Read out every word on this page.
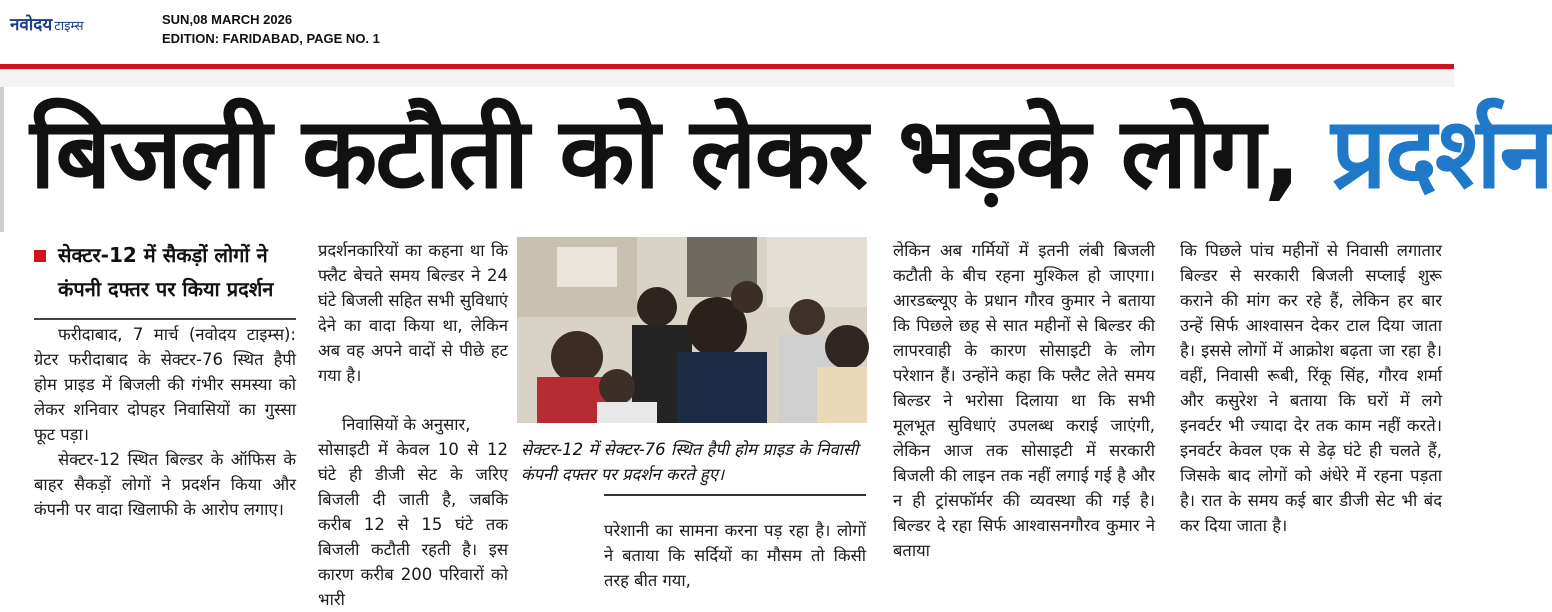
नवोदय टाइम्स	SUN,08 MARCH 2026
EDITION: FARIDABAD, PAGE NO. 1
बिजली कटौती को लेकर भड़के लोग, प्रदर्शन
सेक्टर-12 में सैकड़ों लोगों ने
कंपनी दफ्तर पर किया प्रदर्शन

फरीदाबाद, 7 मार्च (नवोदय टाइम्स): ग्रेटर फरीदाबाद के सेक्टर-76 स्थित हैपी होम प्राइड में बिजली की गंभीर समस्या को लेकर शनिवार दोपहर निवासियों का गुस्सा फूट पड़ा।

सेक्टर-12 स्थित बिल्डर के ऑफिस के बाहर सैकड़ों लोगों ने प्रदर्शन किया और कंपनी पर वादा खिलाफी के आरोप लगाए।

प्रदर्शनकारियों का कहना था कि फ्लैट बेचते समय बिल्डर ने 24 घंटे बिजली सहित सभी सुविधाएं देने का वादा किया था, लेकिन अब वह अपने वादों से पीछे हट गया है।

निवासियों के अनुसार,

सोसाइटी में केवल 10 से 12 घंटे ही डीजी सेट के जरिए बिजली दी जाती है, जबकि करीब 12 से 15 घंटे तक बिजली कटौती रहती है। इस कारण करीब 200 परिवारों को भारी

सेक्टर-12 में सेक्टर-76 स्थित हैपी होम प्राइड के निवासी कंपनी दफ्तर पर प्रदर्शन करते हुए।

परेशानी का सामना करना पड़ रहा है। लोगों ने बताया कि सर्दियों का मौसम तो किसी तरह बीत गया,

लेकिन अब गर्मियों में इतनी लंबी बिजली कटौती के बीच रहना मुश्किल हो जाएगा। आरडब्ल्यूए के प्रधान गौरव कुमार ने बताया कि पिछले छह से सात महीनों से बिल्डर की लापरवाही के कारण सोसाइटी के लोग परेशान हैं। उन्होंने कहा कि फ्लैट लेते समय बिल्डर ने भरोसा दिलाया था कि सभी मूलभूत सुविधाएं उपलब्ध कराई जाएंगी, लेकिन आज तक सोसाइटी में सरकारी बिजली की लाइन तक नहीं लगाई गई है और न ही ट्रांसफॉर्मर की व्यवस्था की गई है।बिल्डर दे रहा सिर्फ आश्वासनगौरव कुमार ने बताया

कि पिछले पांच महीनों से निवासी लगातार बिल्डर से सरकारी बिजली सप्लाई शुरू कराने की मांग कर रहे हैं, लेकिन हर बार उन्हें सिर्फ आश्वासन देकर टाल दिया जाता है। इससे लोगों में आक्रोश बढ़ता जा रहा है। वहीं, निवासी रूबी, रिंकू सिंह, गौरव शर्मा और कसुरेश ने बताया कि घरों में लगे इनवर्टर भी ज्यादा देर तक काम नहीं करते। इनवर्टर केवल एक से डेढ़ घंटे ही चलते हैं, जिसके बाद लोगों को अंधेरे में रहना पड़ता है। रात के समय कई बार डीजी सेट भी बंद कर दिया जाता है।
